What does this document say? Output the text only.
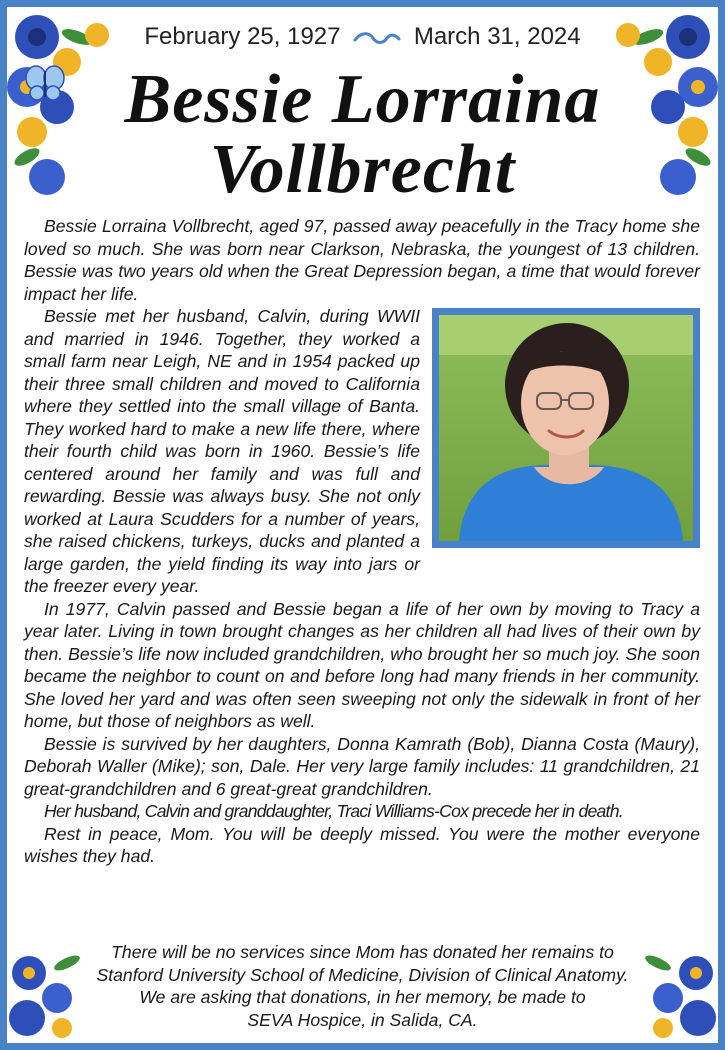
February 25, 1927	March 31, 2024
Bessie Lorraina
Vollbrecht

Bessie Lorraina Vollbrecht, aged 97, passed away peacefully in the Tracy home she loved so much. She was born near Clarkson, Nebraska, the youngest of 13 children. Bessie was two years old when the Great Depression began, a time that would forever impact her life.

Bessie met her husband, Calvin, during WWII and married in 1946. Together, they worked a small farm near Leigh, NE and in 1954 packed up their three small children and moved to California where they settled into the small village of Banta. They worked hard to make a new life there, where their fourth child was born in 1960. Bessie’s life centered around her family and was full and rewarding. Bessie was always busy. She not only worked at Laura Scudders for a number of years, she raised chickens, turkeys, ducks and planted a large garden, the yield finding its way into jars or the freezer every year.

In 1977, Calvin passed and Bessie began a life of her own by moving to Tracy a year later. Living in town brought changes as her children all had lives of their own by then. Bessie’s life now included grandchildren, who brought her so much joy. She soon became the neighbor to count on and before long had many friends in her community. She loved her yard and was often seen sweeping not only the sidewalk in front of her home, but those of neighbors as well.

Bessie is survived by her daughters, Donna Kamrath (Bob), Dianna Costa (Maury), Deborah Waller (Mike); son, Dale. Her very large family includes: 11 grandchildren, 21 great-grandchildren and 6 great-great grandchildren.

Her husband, Calvin and granddaughter, Traci Williams-Cox precede her in death.

Rest in peace, Mom. You will be deeply missed. You were the mother everyone wishes they had.

There will be no services since Mom has donated her remains to
Stanford University School of Medicine, Division of Clinical Anatomy.
We are asking that donations, in her memory, be made to
SEVA Hospice, in Salida, CA.
